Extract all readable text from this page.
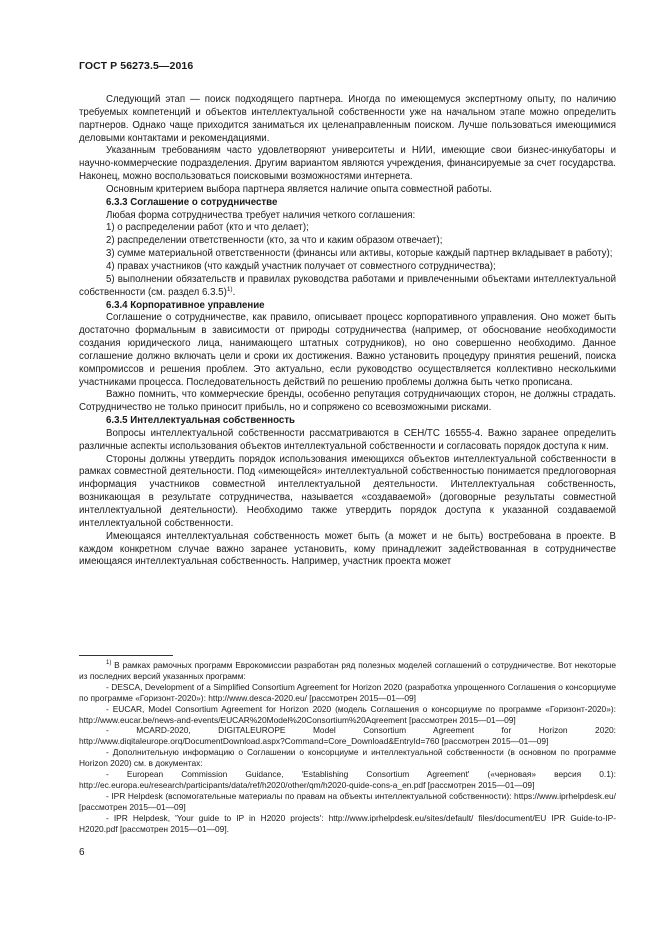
ГОСТ Р 56273.5—2016

Следующий этап — поиск подходящего партнера. Иногда по имеющемуся экспертному опыту, по наличию требуемых компетенций и объектов интеллектуальной собственности уже на начальном этапе можно определить партнеров. Однако чаще приходится заниматься их целенаправленным поиском. Лучше пользоваться имеющимися деловыми контактами и рекомендациями.

Указанным требованиям часто удовлетворяют университеты и НИИ, имеющие свои бизнес-инкубаторы и научно-коммерческие подразделения. Другим вариантом являются учреждения, финансируемые за счет государства. Наконец, можно воспользоваться поисковыми возможностями интернета.

Основным критерием выбора партнера является наличие опыта совместной работы.

6.3.3 Соглашение о сотрудничестве

Любая форма сотрудничества требует наличия четкого соглашения:

1) о распределении работ (кто и что делает);

2) распределении ответственности (кто, за что и каким образом отвечает);

3) сумме материальной ответственности (финансы или активы, которые каждый партнер вкладывает в работу);

4) правах участников (что каждый участник получает от совместного сотрудничества);

5) выполнении обязательств и правилах руководства работами и привлеченными объектами интеллектуальной собственности (см. раздел 6.3.5)$^{1)}$.

6.3.4 Корпоративное управление

Соглашение о сотрудничестве, как правило, описывает процесс корпоративного управления. Оно может быть достаточно формальным в зависимости от природы сотрудничества (например, от обоснование необходимости создания юридического лица, нанимающего штатных сотрудников), но оно совершенно необходимо. Данное соглашение должно включать цели и сроки их достижения. Важно установить процедуру принятия решений, поиска компромиссов и решения проблем. Это актуально, если руководство осуществляется коллективно несколькими участниками процесса. Последовательность действий по решению проблемы должна быть четко прописана.

Важно помнить, что коммерческие бренды, особенно репутация сотрудничающих сторон, не должны страдать. Сотрудничество не только приносит прибыль, но и сопряжено со всевозможными рисками.

6.3.5 Интеллектуальная собственность

Вопросы интеллектуальной собственности рассматриваются в CEH/TC 16555-4. Важно заранее определить различные аспекты использования объектов интеллектуальной собственности и согласовать порядок доступа к ним.

Стороны должны утвердить порядок использования имеющихся объектов интеллектуальной собственности в рамках совместной деятельности. Под «имеющейся» интеллектуальной собственностью понимается предлоговорная информация участников совместной интеллектуальной деятельности. Интеллектуальная собственность, возникающая в результате сотрудничества, называется «создаваемой» (договорные результаты совместной интеллектуальной деятельности). Необходимо также утвердить порядок доступа к указанной создаваемой интеллектуальной собственности.

Имеющаяся интеллектуальная собственность может быть (а может и не быть) востребована в проекте. В каждом конкретном случае важно заранее установить, кому принадлежит задействованная в сотрудничестве имеющаяся интеллектуальная собственность. Например, участник проекта может

$^{1)}$ В рамках рамочных программ Еврокомиссии разработан ряд полезных моделей соглашений о сотрудничестве. Вот некоторые из последних версий указанных программ:

- DESCA, Development of a Simplified Consortium Agreement for Horizon 2020 (разработка упрощенного Соглашения о консорциуме по программе «Горизонт-2020»): http://www.desca-2020.eu/ [рассмотрен 2015—01—09]

- EUCAR, Model Consortium Agreement for Horizon 2020 (модель Соглашения о консорциуме по программе «Горизонт-2020»): http://www.eucar.be/news-and-events/EUCAR%20Model%20Consortium%20Aqreement [рассмотрен 2015—01—09]

- MCARD-2020, DIGITALEUROPE Model Consortium Agreement for Horizon 2020: http://www.diqitaleurope.orq/DocumentDownload.aspx?Command=Core_Download&EntryId=760 [рассмотрен 2015—01—09]

- Дополнительную информацию о Соглашении о консорциуме и интеллектуальной собственности (в основном по программе Horizon 2020) см. в документах:

- European Commission Guidance, 'Establishing Consortium Agreement' («черновая» версия 0.1): http://ec.europa.eu/research/participants/data/ref/h2020/other/qm/h2020-quide-cons-a_en.pdf [рассмотрен 2015—01—09]

- IPR Helpdesk (вспомогательные материалы по правам на объекты интеллектуальной собственности): https://www.iprhelpdesk.eu/ [рассмотрен 2015—01—09]

- IPR Helpdesk, 'Your guide to IP in H2020 projects': http://www.iprhelpdesk.eu/sites/default/ files/document/EU IPR Guide-to-IP-H2020.pdf [рассмотрен 2015—01—09].

6
